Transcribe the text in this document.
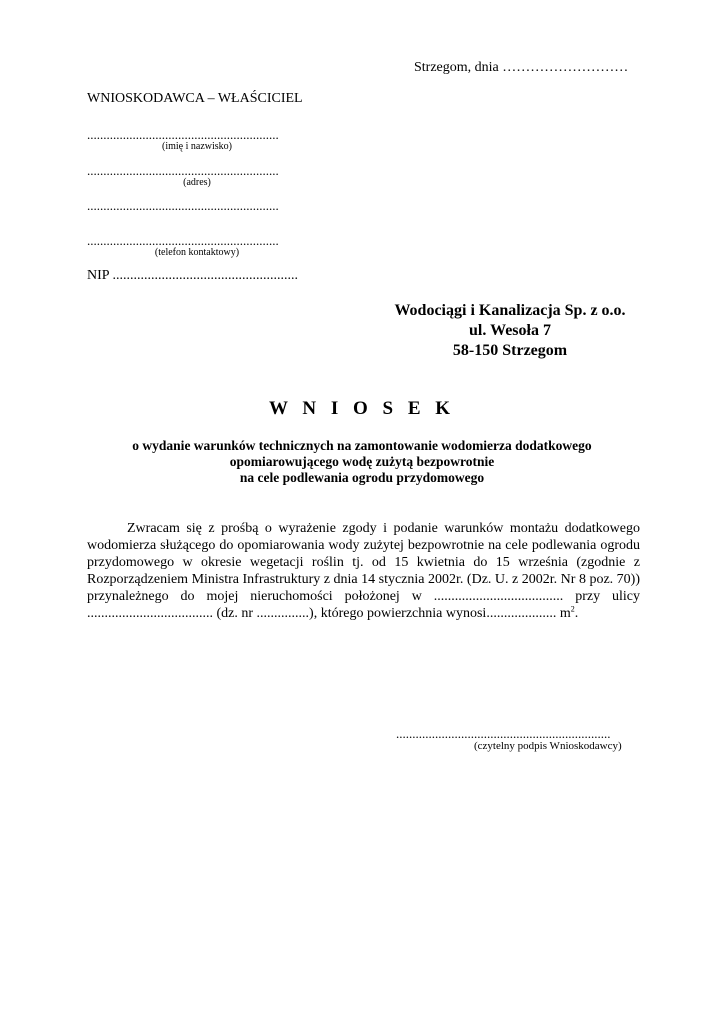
Strzegom, dnia ………………………
WNIOSKODAWCA – WŁAŚCICIEL
...........................................................
(imię i nazwisko)
...........................................................
(adres)
...........................................................
...........................................................
(telefon kontaktowy)
NIP .....................................................
Wodociągi i Kanalizacja Sp. z o.o.
ul. Wesoła 7
58-150 Strzegom
W N I O S E K
o wydanie warunków technicznych na zamontowanie wodomierza dodatkowego
opomiarowującego wodę zużytą bezpowrotnie
na cele podlewania ogrodu przydomowego
Zwracam się z prośbą o wyrażenie zgody i podanie warunków montażu dodatkowego wodomierza służącego do opomiarowania wody zużytej bezpowrotnie na cele podlewania ogrodu przydomowego w okresie wegetacji roślin tj. od 15 kwietnia do 15 września (zgodnie z Rozporządzeniem Ministra Infrastruktury z dnia 14 stycznia 2002r. (Dz. U. z 2002r. Nr 8 poz. 70)) przynależnego do mojej nieruchomości położonej w ..................................... przy ulicy .................................... (dz. nr ...............), którego powierzchnia wynosi.................... $m^2$.
..................................................................
(czytelny podpis Wnioskodawcy)
